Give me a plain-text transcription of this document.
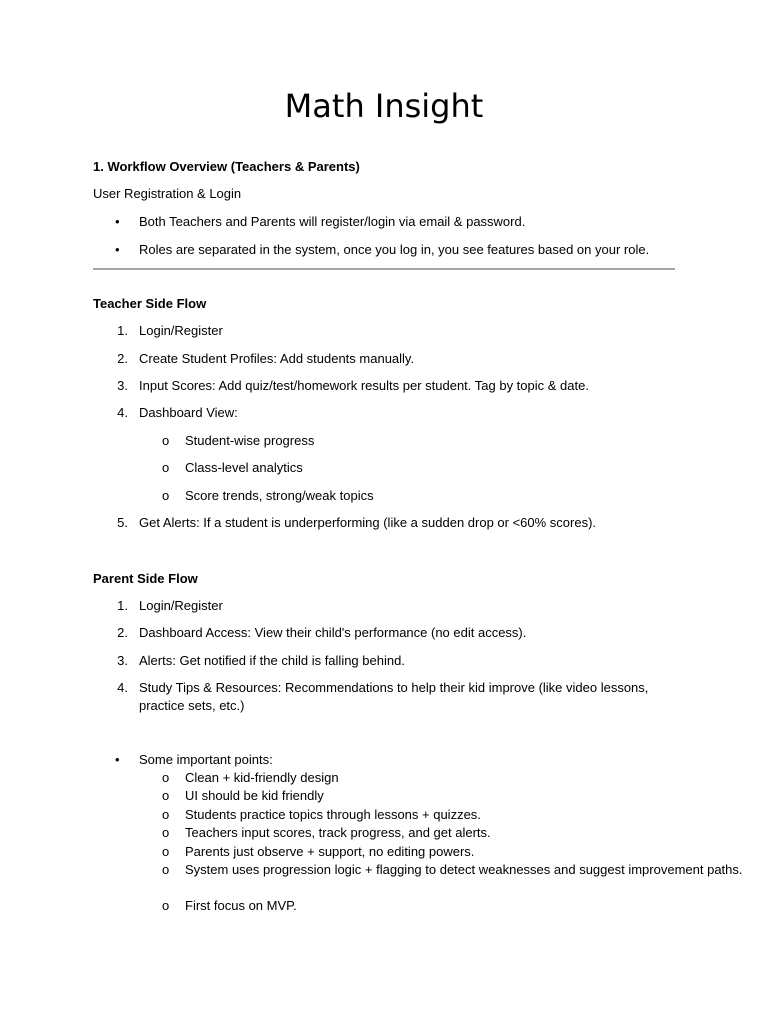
Math Insight
1. Workflow Overview (Teachers & Parents)
User Registration & Login
• Both Teachers and Parents will register/login via email & password.
• Roles are separated in the system, once you log in, you see features based on your role.
Teacher Side Flow
1. Login/Register
2. Create Student Profiles: Add students manually.
3. Input Scores: Add quiz/test/homework results per student. Tag by topic & date.
4. Dashboard View:
o Student-wise progress
o Class-level analytics
o Score trends, strong/weak topics
5. Get Alerts: If a student is underperforming (like a sudden drop or <60% scores).
Parent Side Flow
1. Login/Register
2. Dashboard Access: View their child's performance (no edit access).
3. Alerts: Get notified if the child is falling behind.
4. Study Tips & Resources: Recommendations to help their kid improve (like video lessons, practice sets, etc.)
• Some important points:
o Clean + kid-friendly design
o UI should be kid friendly
o Students practice topics through lessons + quizzes.
o Teachers input scores, track progress, and get alerts.
o Parents just observe + support, no editing powers.
o System uses progression logic + flagging to detect weaknesses and suggest improvement paths.
o First focus on MVP.
